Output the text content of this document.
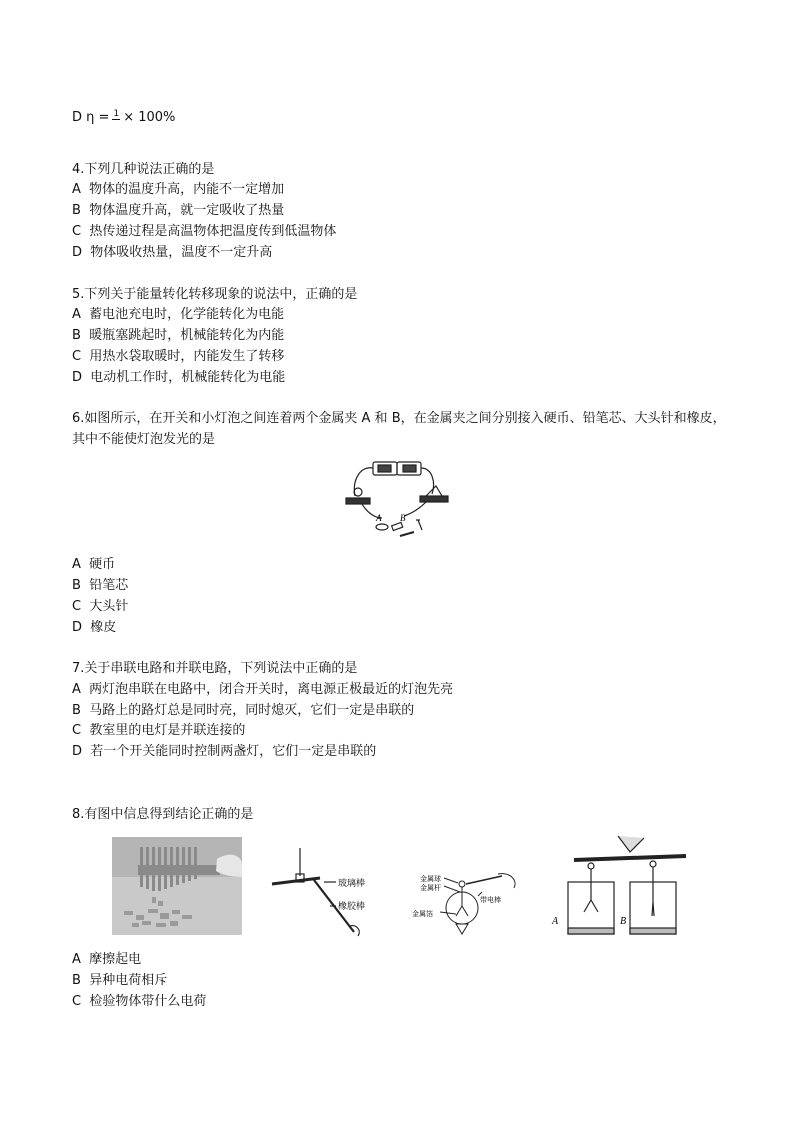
D η = 1 × 100%
4.下列几种说法正确的是
A 物体的温度升高，内能不一定增加
B 物体温度升高，就一定吸收了热量
C 热传递过程是高温物体把温度传到低温物体
D 物体吸收热量，温度不一定升高
5.下列关于能量转化转移现象的说法中，正确的是
A 蓄电池充电时，化学能转化为电能
B 暖瓶塞跳起时，机械能转化为内能
C 用热水袋取暖时，内能发生了转移
D 电动机工作时，机械能转化为电能
6.如图所示，在开关和小灯泡之间连着两个金属夹 A 和 B，在金属夹之间分别接入硬币、铅笔芯、大头针和橡皮，其中不能使灯泡发光的是
A B
A 硬币
B 铅笔芯
C 大头针
D 橡皮
7.关于串联电路和并联电路，下列说法中正确的是
A 两灯泡串联在电路中，闭合开关时，离电源正极最近的灯泡先亮
B 马路上的路灯总是同时亮，同时熄灭，它们一定是串联的
C 教室里的电灯是并联连接的
D 若一个开关能同时控制两盏灯，它们一定是串联的
8.有图中信息得到结论正确的是
玻璃棒
橡胶棒
金属球
金属杆
金属箔
带电棒
A	B
A 摩擦起电
B 异种电荷相斥
C 检验物体带什么电荷
